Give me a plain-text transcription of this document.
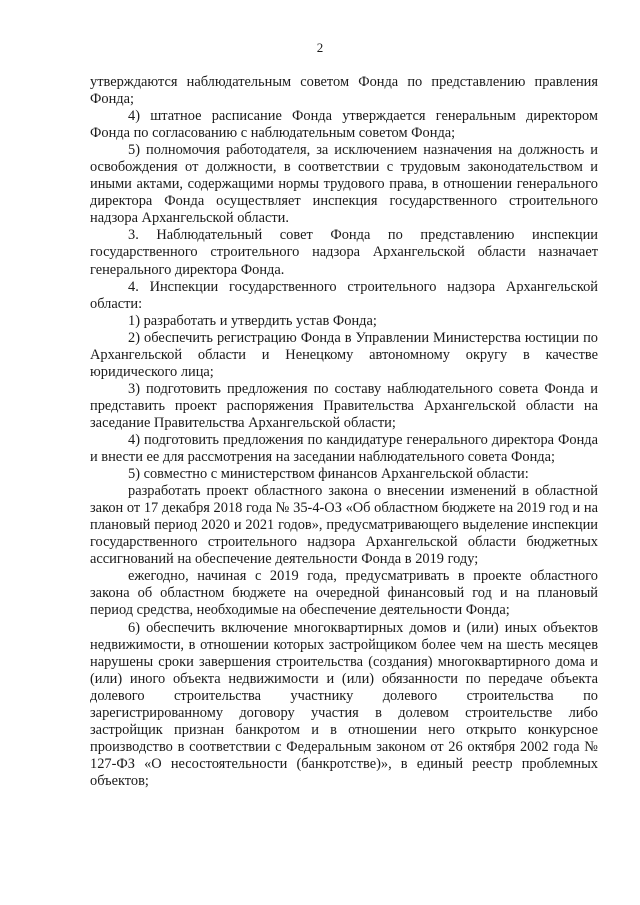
2

утверждаются наблюдательным советом Фонда по представлению правления Фонда;

4) штатное расписание Фонда утверждается генеральным директором Фонда по согласованию с наблюдательным советом Фонда;

5) полномочия работодателя, за исключением назначения на должность и освобождения от должности, в соответствии с трудовым законодательством и иными актами, содержащими нормы трудового права, в отношении генерального директора Фонда осуществляет инспекция государственного строительного надзора Архангельской области.

3. Наблюдательный совет Фонда по представлению инспекции государственного строительного надзора Архангельской области назначает генерального директора Фонда.

4. Инспекции государственного строительного надзора Архангельской области:

1) разработать и утвердить устав Фонда;

2) обеспечить регистрацию Фонда в Управлении Министерства юстиции по Архангельской области и Ненецкому автономному округу в качестве юридического лица;

3) подготовить предложения по составу наблюдательного совета Фонда и представить проект распоряжения Правительства Архангельской области на заседание Правительства Архангельской области;

4) подготовить предложения по кандидатуре генерального директора Фонда и внести ее для рассмотрения на заседании наблюдательного совета Фонда;

5) совместно с министерством финансов Архангельской области:

разработать проект областного закона о внесении изменений в областной закон от 17 декабря 2018 года № 35-4-ОЗ «Об областном бюджете на 2019 год и на плановый период 2020 и 2021 годов», предусматривающего выделение инспекции государственного строительного надзора Архангельской области бюджетных ассигнований на обеспечение деятельности Фонда в 2019 году;

ежегодно, начиная с 2019 года, предусматривать в проекте областного закона об областном бюджете на очередной финансовый год и на плановый период средства, необходимые на обеспечение деятельности Фонда;

6) обеспечить включение многоквартирных домов и (или) иных объектов недвижимости, в отношении которых застройщиком более чем на шесть месяцев нарушены сроки завершения строительства (создания) многоквартирного дома и (или) иного объекта недвижимости и (или) обязанности по передаче объекта долевого строительства участнику долевого строительства по зарегистрированному договору участия в долевом строительстве либо застройщик признан банкротом и в отношении него открыто конкурсное производство в соответствии с Федеральным законом от 26 октября 2002 года № 127-ФЗ «О несостоятельности (банкротстве)», в единый реестр проблемных объектов;
